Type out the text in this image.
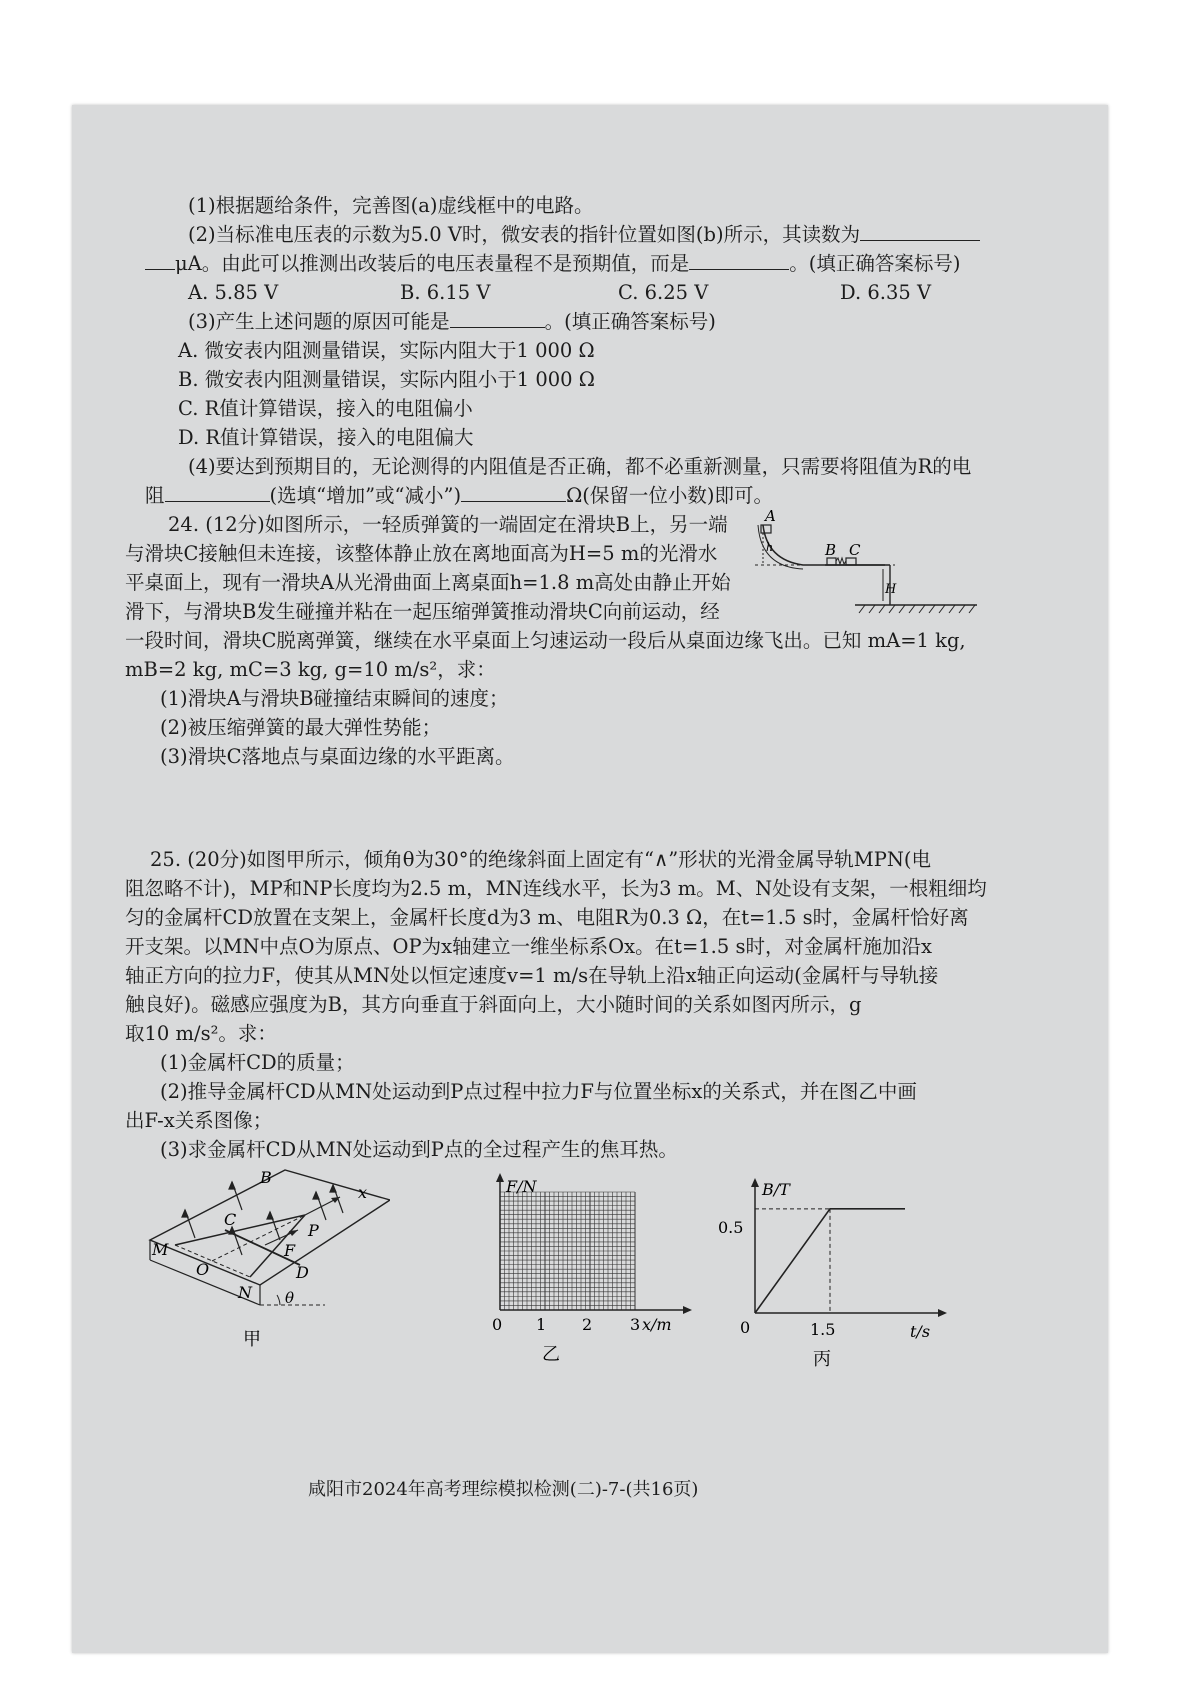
(1)根据题给条件，完善图(a)虚线框中的电路。
(2)当标准电压表的示数为5.0 V时，微安表的指针位置如图(b)所示，其读数为
μA。由此可以推测出改装后的电压表量程不是预期值，而是	。(填正确答案标号)
A. 5.85 V	B. 6.15 V	C. 6.25 V	D. 6.35 V
(3)产生上述问题的原因可能是	。(填正确答案标号)
A. 微安表内阻测量错误，实际内阻大于1 000 Ω
B. 微安表内阻测量错误，实际内阻小于1 000 Ω
C. R值计算错误，接入的电阻偏小
D. R值计算错误，接入的电阻偏大
(4)要达到预期目的，无论测得的内阻值是否正确，都不必重新测量，只需要将阻值为R的电
阻	(选填“增加”或“减小”)	Ω(保留一位小数)即可。
24. (12分)如图所示，一轻质弹簧的一端固定在滑块B上，另一端
与滑块C接触但未连接，该整体静止放在离地面高为H=5 m的光滑水
平桌面上，现有一滑块A从光滑曲面上离桌面h=1.8 m高处由静止开始
滑下，与滑块B发生碰撞并粘在一起压缩弹簧推动滑块C向前运动，经
一段时间，滑块C脱离弹簧，继续在水平桌面上匀速运动一段后从桌面边缘飞出。已知 mA=1 kg,
mB=2 kg, mC=3 kg, g=10 m/s²，求：
(1)滑块A与滑块B碰撞结束瞬间的速度；
(2)被压缩弹簧的最大弹性势能；
(3)滑块C落地点与桌面边缘的水平距离。
A
h	B C
H
25. (20分)如图甲所示，倾角θ为30°的绝缘斜面上固定有“∧”形状的光滑金属导轨MPN(电
阻忽略不计)，MP和NP长度均为2.5 m，MN连线水平，长为3 m。M、N处设有支架，一根粗细均
匀的金属杆CD放置在支架上，金属杆长度d为3 m、电阻R为0.3 Ω，在t=1.5 s时，金属杆恰好离
开支架。以MN中点O为原点、OP为x轴建立一维坐标系Ox。在t=1.5 s时，对金属杆施加沿x
轴正方向的拉力F，使其从MN处以恒定速度v=1 m/s在导轨上沿x轴正向运动(金属杆与导轨接
触良好)。磁感应强度为B，其方向垂直于斜面向上，大小随时间的关系如图丙所示，g
取10 m/s²。求：
(1)金属杆CD的质量；
(2)推导金属杆CD从MN处运动到P点过程中拉力F与位置坐标x的关系式，并在图乙中画
出F-x关系图像；
(3)求金属杆CD从MN处运动到P点的全过程产生的焦耳热。
θ
B
C
M
O
N
P
F
D
x
甲
F/N
0 1 2 3 x/m
乙
B/T
0.5
0	1.5	t/s
丙
咸阳市2024年高考理综模拟检测(二)-7-(共16页)
